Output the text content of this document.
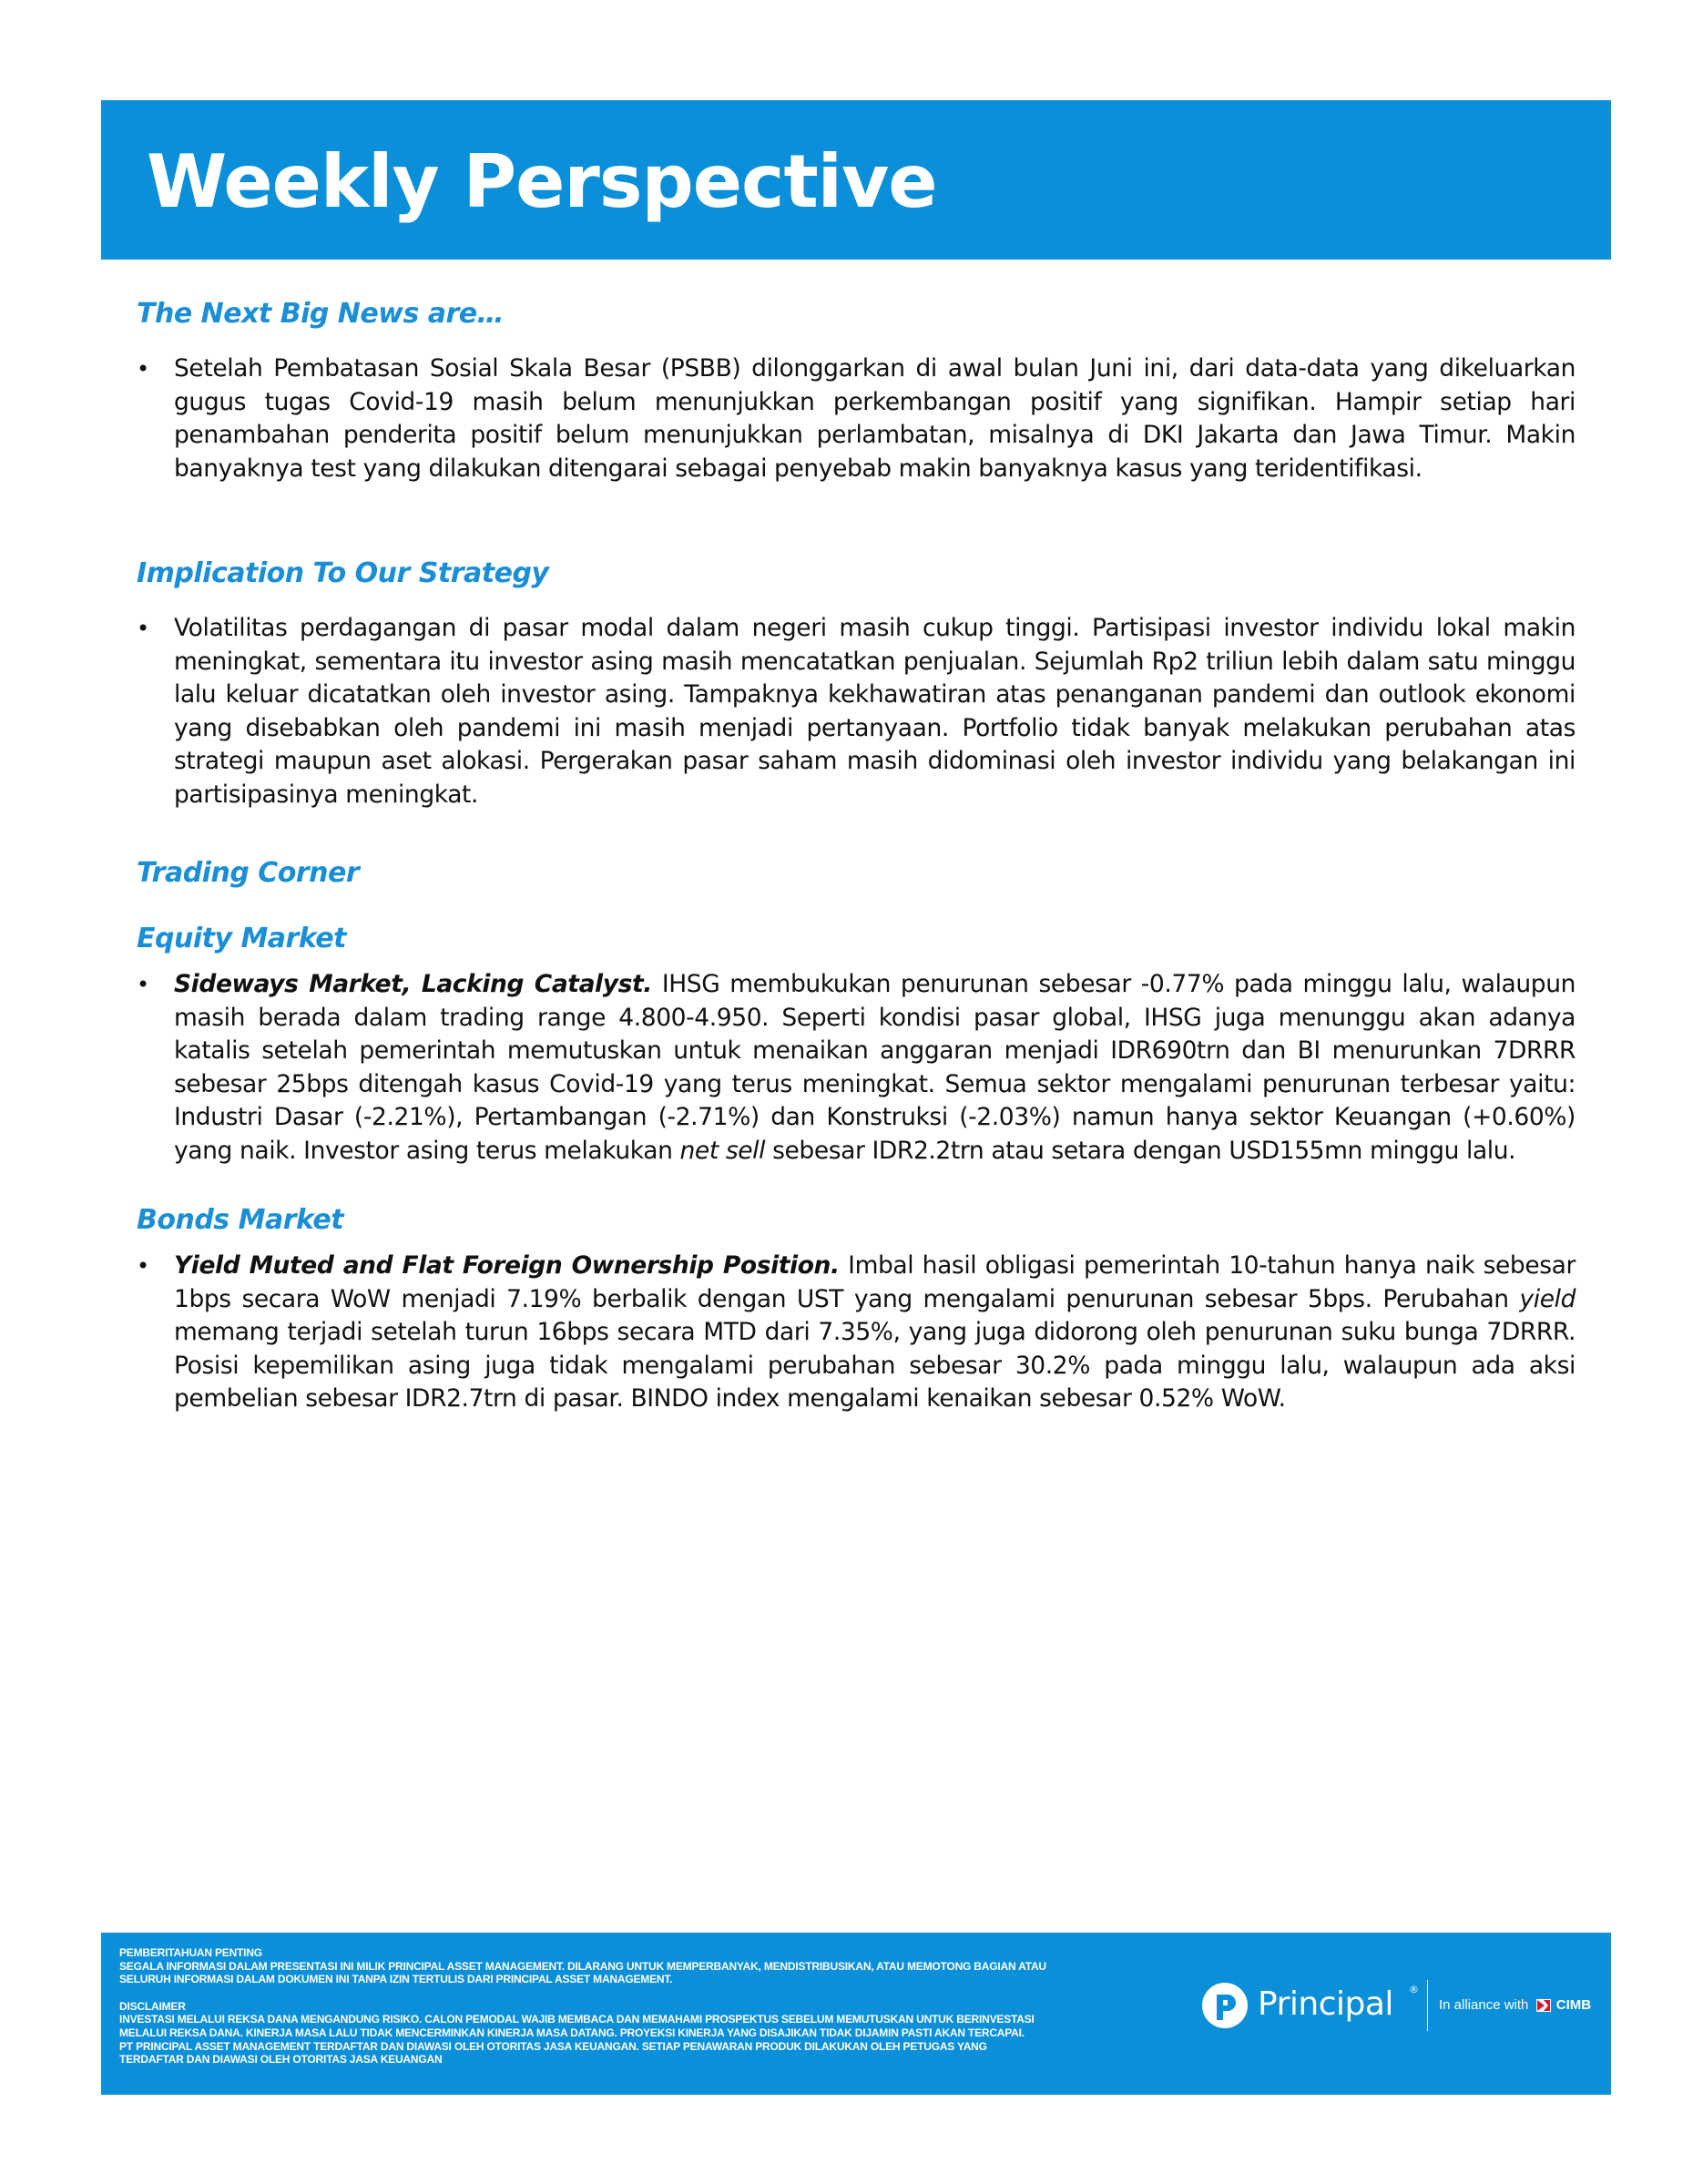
Weekly Perspective
The Next Big News are…
• Setelah Pembatasan Sosial Skala Besar (PSBB) dilonggarkan di awal bulan Juni ini, dari data-data yang dikeluarkan gugus tugas Covid-19 masih belum menunjukkan perkembangan positif yang signifikan. Hampir setiap hari penambahan penderita positif belum menunjukkan perlambatan, misalnya di DKI Jakarta dan Jawa Timur. Makin banyaknya test yang dilakukan ditengarai sebagai penyebab makin banyaknya kasus yang teridentifikasi.
Implication To Our Strategy
• Volatilitas perdagangan di pasar modal dalam negeri masih cukup tinggi. Partisipasi investor individu lokal makin meningkat, sementara itu investor asing masih mencatatkan penjualan. Sejumlah Rp2 triliun lebih dalam satu minggu lalu keluar dicatatkan oleh investor asing. Tampaknya kekhawatiran atas penanganan pandemi dan outlook ekonomi yang disebabkan oleh pandemi ini masih menjadi pertanyaan. Portfolio tidak banyak melakukan perubahan atas strategi maupun aset alokasi. Pergerakan pasar saham masih didominasi oleh investor individu yang belakangan ini partisipasinya meningkat.
Trading Corner
Equity Market
• Sideways Market, Lacking Catalyst. IHSG membukukan penurunan sebesar -0.77% pada minggu lalu, walaupun masih berada dalam trading range 4.800-4.950. Seperti kondisi pasar global, IHSG juga menunggu akan adanya katalis setelah pemerintah memutuskan untuk menaikan anggaran menjadi IDR690trn dan BI menurunkan 7DRRR sebesar 25bps ditengah kasus Covid-19 yang terus meningkat. Semua sektor mengalami penurunan terbesar yaitu: Industri Dasar (-2.21%), Pertambangan (-2.71%) dan Konstruksi (-2.03%) namun hanya sektor Keuangan (+0.60%) yang naik. Investor asing terus melakukan net sell sebesar IDR2.2trn atau setara dengan USD155mn minggu lalu.
Bonds Market
• Yield Muted and Flat Foreign Ownership Position. Imbal hasil obligasi pemerintah 10-tahun hanya naik sebesar 1bps secara WoW menjadi 7.19% berbalik dengan UST yang mengalami penurunan sebesar 5bps. Perubahan yield memang terjadi setelah turun 16bps secara MTD dari 7.35%, yang juga didorong oleh penurunan suku bunga 7DRRR. Posisi kepemilikan asing juga tidak mengalami perubahan sebesar 30.2% pada minggu lalu, walaupun ada aksi pembelian sebesar IDR2.7trn di pasar. BINDO index mengalami kenaikan sebesar 0.52% WoW.

PEMBERITAHUAN PENTING

SEGALA INFORMASI DALAM PRESENTASI INI MILIK PRINCIPAL ASSET MANAGEMENT. DILARANG UNTUK MEMPERBANYAK, MENDISTRIBUSIKAN, ATAU MEMOTONG BAGIAN ATAU

SELURUH INFORMASI DALAM DOKUMEN INI TANPA IZIN TERTULIS DARI PRINCIPAL ASSET MANAGEMENT.

DISCLAIMER

INVESTASI MELALUI REKSA DANA MENGANDUNG RISIKO. CALON PEMODAL WAJIB MEMBACA DAN MEMAHAMI PROSPEKTUS SEBELUM MEMUTUSKAN UNTUK BERINVESTASI

MELALUI REKSA DANA. KINERJA MASA LALU TIDAK MENCERMINKAN KINERJA MASA DATANG. PROYEKSI KINERJA YANG DISAJIKAN TIDAK DIJAMIN PASTI AKAN TERCAPAI.

PT PRINCIPAL ASSET MANAGEMENT TERDAFTAR DAN DIAWASI OLEH OTORITAS JASA KEUANGAN. SETIAP PENAWARAN PRODUK DILAKUKAN OLEH PETUGAS YANG

TERDAFTAR DAN DIAWASI OLEH OTORITAS JASA KEUANGAN

Principal ®
In alliance with CIMB
